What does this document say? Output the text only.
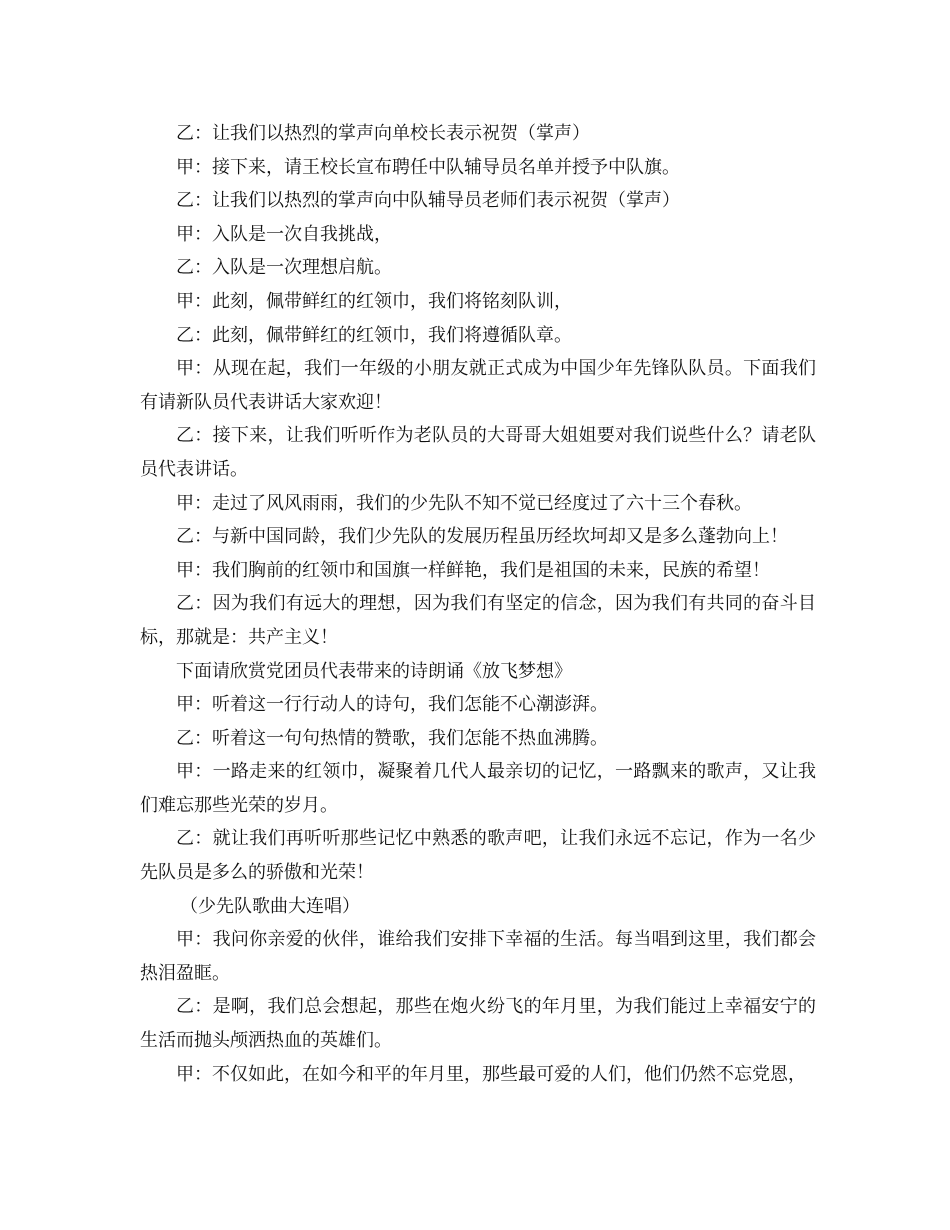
乙：让我们以热烈的掌声向单校长表示祝贺（掌声）

甲：接下来，请王校长宣布聘任中队辅导员名单并授予中队旗。

乙：让我们以热烈的掌声向中队辅导员老师们表示祝贺（掌声）

甲：入队是一次自我挑战，

乙：入队是一次理想启航。

甲：此刻，佩带鲜红的红领巾，我们将铭刻队训，

乙：此刻，佩带鲜红的红领巾，我们将遵循队章。

甲：从现在起，我们一年级的小朋友就正式成为中国少年先锋队队员。下面我们有请新队员代表讲话大家欢迎！

乙：接下来，让我们听听作为老队员的大哥哥大姐姐要对我们说些什么？请老队员代表讲话。

甲：走过了风风雨雨，我们的少先队不知不觉已经度过了六十三个春秋。

乙：与新中国同龄，我们少先队的发展历程虽历经坎坷却又是多么蓬勃向上！

甲：我们胸前的红领巾和国旗一样鲜艳，我们是祖国的未来，民族的希望！

乙：因为我们有远大的理想，因为我们有坚定的信念，因为我们有共同的奋斗目标，那就是：共产主义！

下面请欣赏党团员代表带来的诗朗诵《放飞梦想》

甲：听着这一行行动人的诗句，我们怎能不心潮澎湃。

乙：听着这一句句热情的赞歌，我们怎能不热血沸腾。

甲：一路走来的红领巾，凝聚着几代人最亲切的记忆，一路飘来的歌声，又让我们难忘那些光荣的岁月。

乙：就让我们再听听那些记忆中熟悉的歌声吧，让我们永远不忘记，作为一名少先队员是多么的骄傲和光荣！

（少先队歌曲大连唱）

甲：我问你亲爱的伙伴，谁给我们安排下幸福的生活。每当唱到这里，我们都会热泪盈眶。

乙：是啊，我们总会想起，那些在炮火纷飞的年月里，为我们能过上幸福安宁的生活而抛头颅洒热血的英雄们。

甲：不仅如此，在如今和平的年月里，那些最可爱的人们，他们仍然不忘党恩，
